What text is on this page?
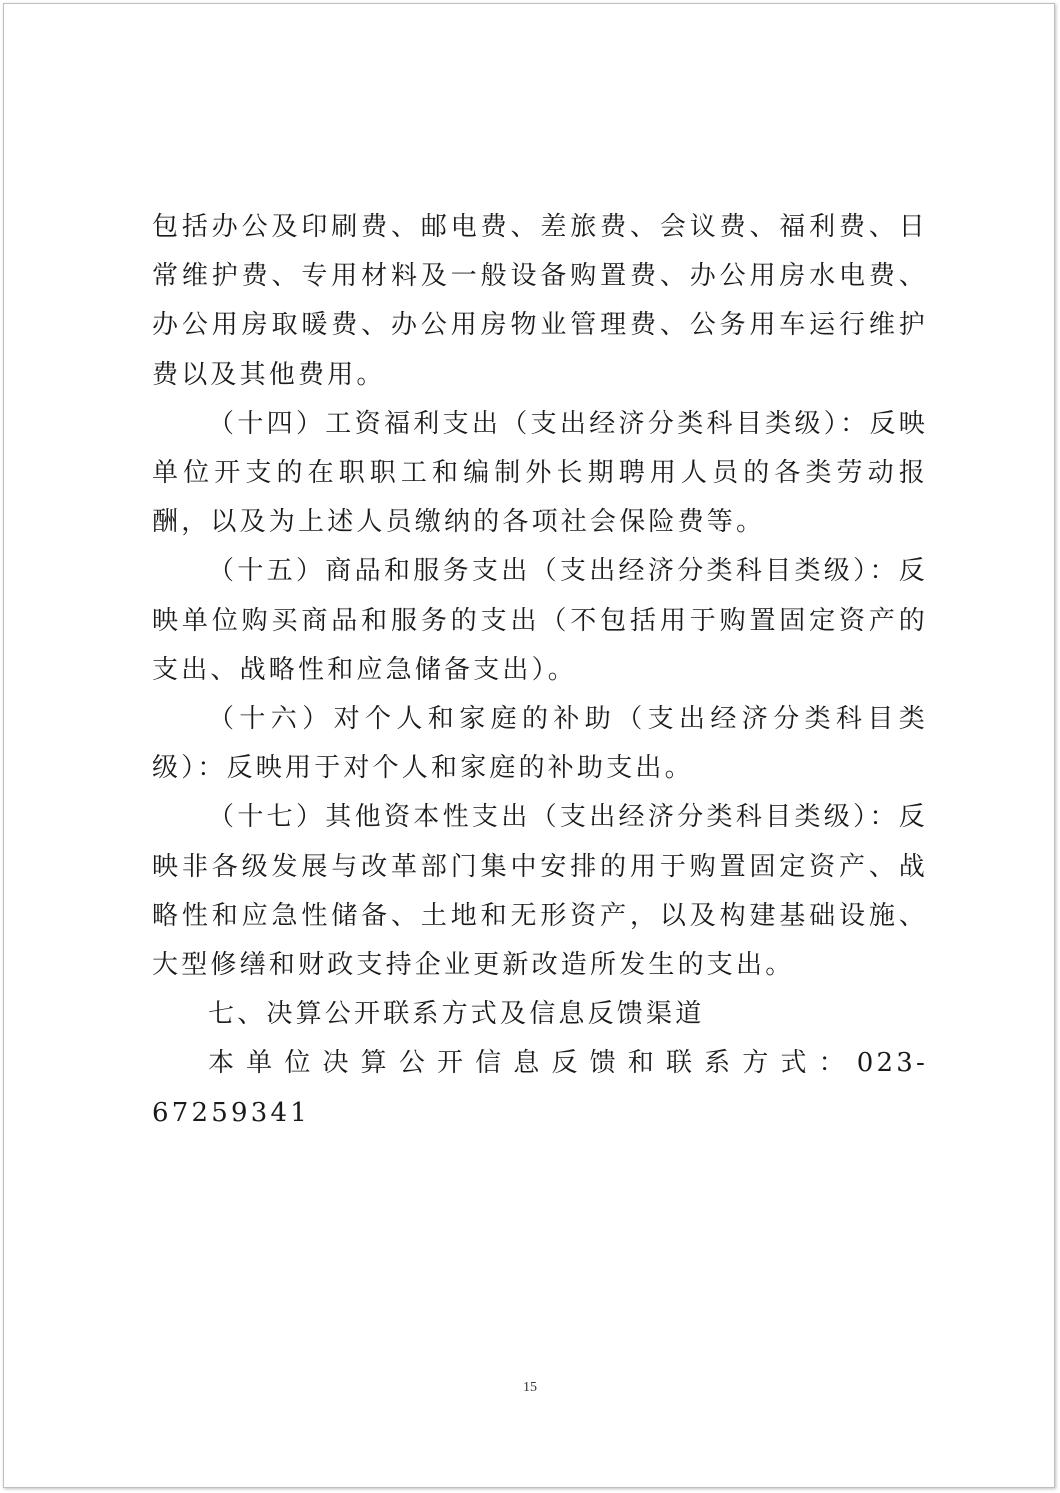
包括办公及印刷费、邮电费、差旅费、会议费、福利费、日常维护费、专用材料及一般设备购置费、办公用房水电费、办公用房取暖费、办公用房物业管理费、公务用车运行维护费以及其他费用。

（十四）工资福利支出（支出经济分类科目类级）：反映单位开支的在职职工和编制外长期聘用人员的各类劳动报酬，以及为上述人员缴纳的各项社会保险费等。

（十五）商品和服务支出（支出经济分类科目类级）：反映单位购买商品和服务的支出（不包括用于购置固定资产的支出、战略性和应急储备支出）。

（十六）对个人和家庭的补助（支出经济分类科目类级）：反映用于对个人和家庭的补助支出。

（十七）其他资本性支出（支出经济分类科目类级）：反映非各级发展与改革部门集中安排的用于购置固定资产、战略性和应急性储备、土地和无形资产，以及构建基础设施、大型修缮和财政支持企业更新改造所发生的支出。

七、决算公开联系方式及信息反馈渠道

本单位决算公开信息反馈和联系方式：023-67259341

15
